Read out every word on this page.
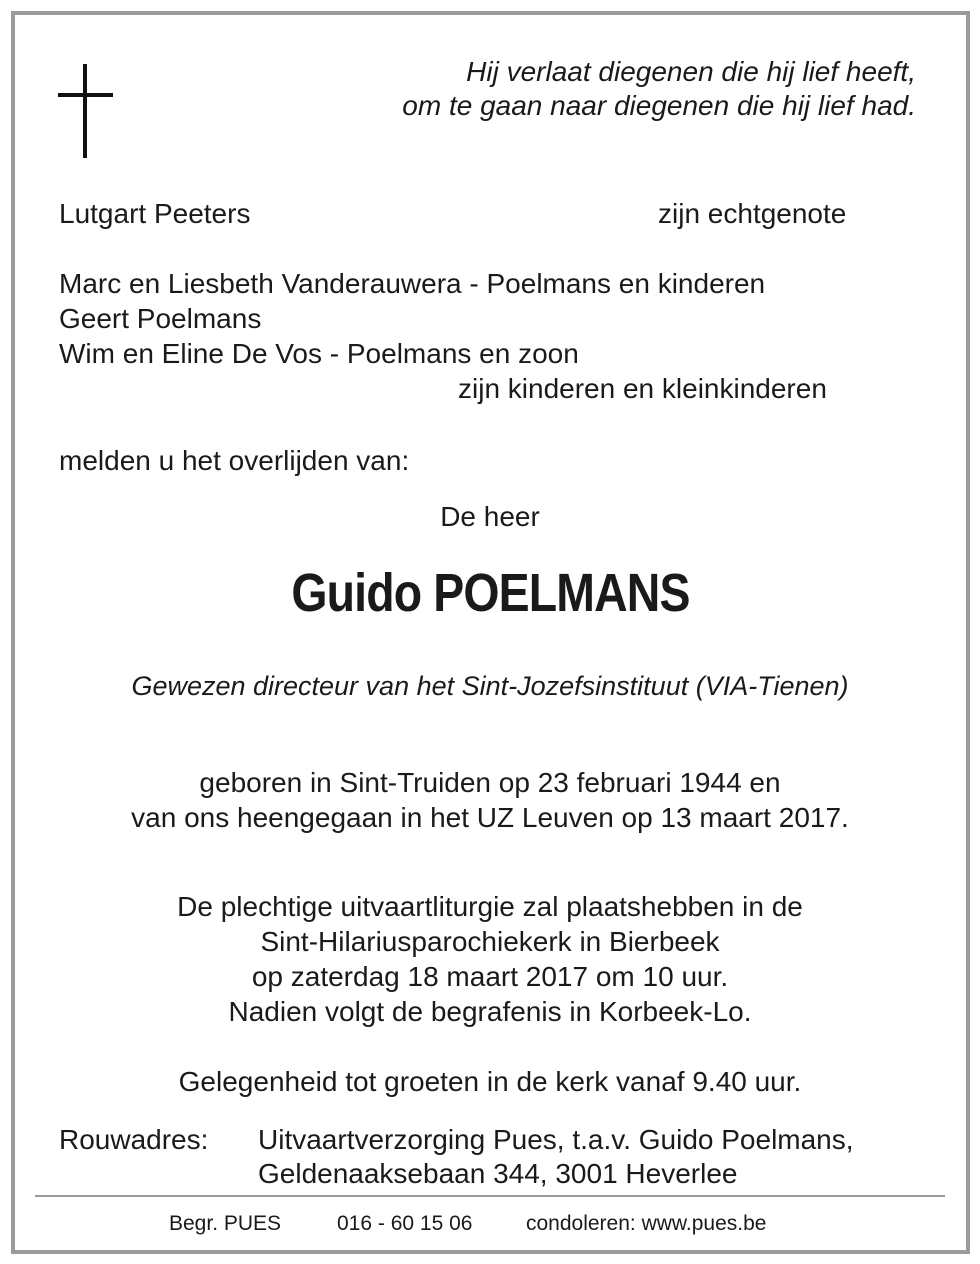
Hij verlaat diegenen die hij lief heeft,
om te gaan naar diegenen die hij lief had.
Lutgart Peeters	zijn echtgenote
Marc en Liesbeth Vanderauwera - Poelmans en kinderen
Geert Poelmans
Wim en Eline De Vos - Poelmans en zoon
zijn kinderen en kleinkinderen
melden u het overlijden van:
De heer
Guido POELMANS
Gewezen directeur van het Sint-Jozefsinstituut (VIA-Tienen)
geboren in Sint-Truiden op 23 februari 1944 en
van ons heengegaan in het UZ Leuven op 13 maart 2017.
De plechtige uitvaartliturgie zal plaatshebben in de
Sint-Hilariusparochiekerk in Bierbeek
op zaterdag 18 maart 2017 om 10 uur.
Nadien volgt de begrafenis in Korbeek-Lo.
Gelegenheid tot groeten in de kerk vanaf 9.40 uur.
Rouwadres: Uitvaartverzorging Pues, t.a.v. Guido Poelmans,
Geldenaaksebaan 344, 3001 Heverlee
Begr. PUES	016 - 60 15 06	condoleren: www.pues.be
